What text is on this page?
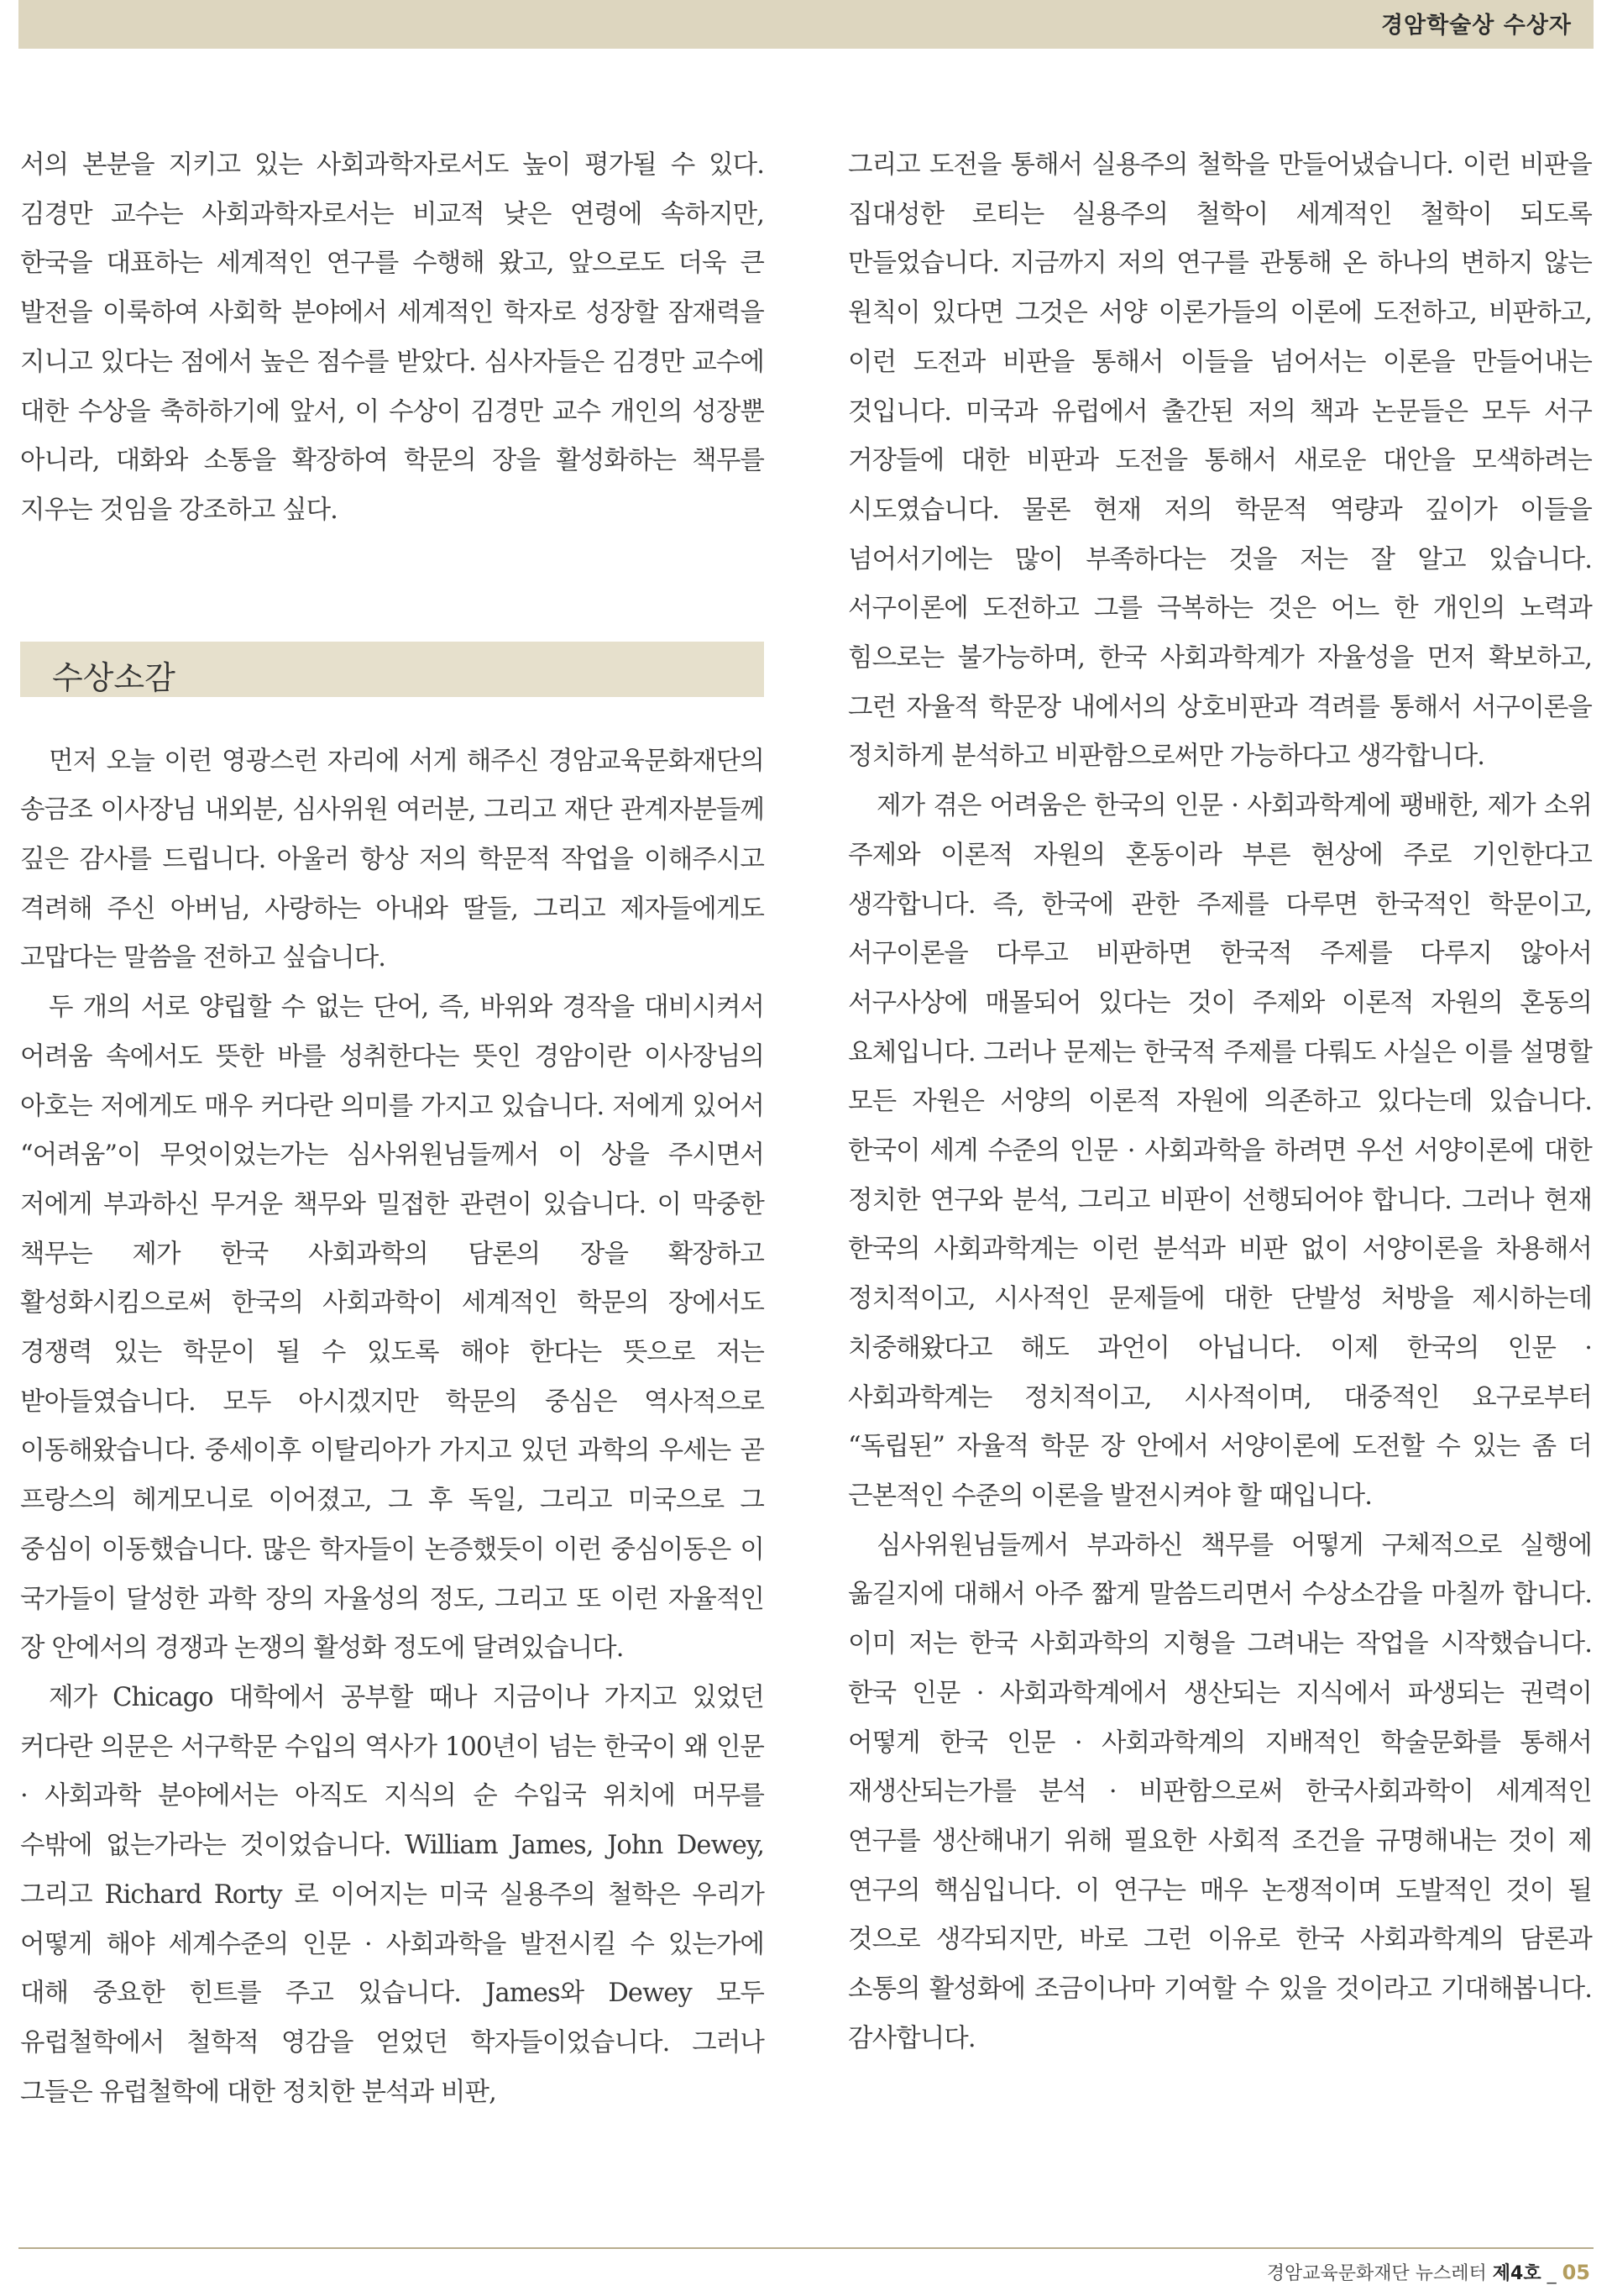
경암학술상 수상자

서의 본분을 지키고 있는 사회과학자로서도 높이 평가될 수 있다. 김경만 교수는 사회과학자로서는 비교적 낮은 연령에 속하지만, 한국을 대표하는 세계적인 연구를 수행해 왔고, 앞으로도 더욱 큰 발전을 이룩하여 사회학 분야에서 세계적인 학자로 성장할 잠재력을 지니고 있다는 점에서 높은 점수를 받았다. 심사자들은 김경만 교수에 대한 수상을 축하하기에 앞서, 이 수상이 김경만 교수 개인의 성장뿐 아니라, 대화와 소통을 확장하여 학문의 장을 활성화하는 책무를 지우는 것임을 강조하고 싶다.

수상소감

먼저 오늘 이런 영광스런 자리에 서게 해주신 경암교육문화재단의 송금조 이사장님 내외분, 심사위원 여러분, 그리고 재단 관계자분들께 깊은 감사를 드립니다. 아울러 항상 저의 학문적 작업을 이해주시고 격려해 주신 아버님, 사랑하는 아내와 딸들, 그리고 제자들에게도 고맙다는 말씀을 전하고 싶습니다.

두 개의 서로 양립할 수 없는 단어, 즉, 바위와 경작을 대비시켜서 어려움 속에서도 뜻한 바를 성취한다는 뜻인 경암이란 이사장님의 아호는 저에게도 매우 커다란 의미를 가지고 있습니다. 저에게 있어서 “어려움”이 무엇이었는가는 심사위원님들께서 이 상을 주시면서 저에게 부과하신 무거운 책무와 밀접한 관련이 있습니다. 이 막중한 책무는 제가 한국 사회과학의 담론의 장을 확장하고 활성화시킴으로써 한국의 사회과학이 세계적인 학문의 장에서도 경쟁력 있는 학문이 될 수 있도록 해야 한다는 뜻으로 저는 받아들였습니다. 모두 아시겠지만 학문의 중심은 역사적으로 이동해왔습니다. 중세이후 이탈리아가 가지고 있던 과학의 우세는 곧 프랑스의 헤게모니로 이어졌고, 그 후 독일, 그리고 미국으로 그 중심이 이동했습니다. 많은 학자들이 논증했듯이 이런 중심이동은 이 국가들이 달성한 과학 장의 자율성의 정도, 그리고 또 이런 자율적인 장 안에서의 경쟁과 논쟁의 활성화 정도에 달려있습니다.

제가 Chicago 대학에서 공부할 때나 지금이나 가지고 있었던 커다란 의문은 서구학문 수입의 역사가 100년이 넘는 한국이 왜 인문 · 사회과학 분야에서는 아직도 지식의 순 수입국 위치에 머무를 수밖에 없는가라는 것이었습니다. William James, John Dewey, 그리고 Richard Rorty 로 이어지는 미국 실용주의 철학은 우리가 어떻게 해야 세계수준의 인문 · 사회과학을 발전시킬 수 있는가에 대해 중요한 힌트를 주고 있습니다. James와 Dewey 모두 유럽철학에서 철학적 영감을 얻었던 학자들이었습니다. 그러나 그들은 유럽철학에 대한 정치한 분석과 비판,

그리고 도전을 통해서 실용주의 철학을 만들어냈습니다. 이런 비판을 집대성한 로티는 실용주의 철학이 세계적인 철학이 되도록 만들었습니다. 지금까지 저의 연구를 관통해 온 하나의 변하지 않는 원칙이 있다면 그것은 서양 이론가들의 이론에 도전하고, 비판하고, 이런 도전과 비판을 통해서 이들을 넘어서는 이론을 만들어내는 것입니다. 미국과 유럽에서 출간된 저의 책과 논문들은 모두 서구 거장들에 대한 비판과 도전을 통해서 새로운 대안을 모색하려는 시도였습니다. 물론 현재 저의 학문적 역량과 깊이가 이들을 넘어서기에는 많이 부족하다는 것을 저는 잘 알고 있습니다. 서구이론에 도전하고 그를 극복하는 것은 어느 한 개인의 노력과 힘으로는 불가능하며, 한국 사회과학계가 자율성을 먼저 확보하고, 그런 자율적 학문장 내에서의 상호비판과 격려를 통해서 서구이론을 정치하게 분석하고 비판함으로써만 가능하다고 생각합니다.

제가 겪은 어려움은 한국의 인문 · 사회과학계에 팽배한, 제가 소위 주제와 이론적 자원의 혼동이라 부른 현상에 주로 기인한다고 생각합니다. 즉, 한국에 관한 주제를 다루면 한국적인 학문이고, 서구이론을 다루고 비판하면 한국적 주제를 다루지 않아서 서구사상에 매몰되어 있다는 것이 주제와 이론적 자원의 혼동의 요체입니다. 그러나 문제는 한국적 주제를 다뤄도 사실은 이를 설명할 모든 자원은 서양의 이론적 자원에 의존하고 있다는데 있습니다. 한국이 세계 수준의 인문 · 사회과학을 하려면 우선 서양이론에 대한 정치한 연구와 분석, 그리고 비판이 선행되어야 합니다. 그러나 현재 한국의 사회과학계는 이런 분석과 비판 없이 서양이론을 차용해서 정치적이고, 시사적인 문제들에 대한 단발성 처방을 제시하는데 치중해왔다고 해도 과언이 아닙니다. 이제 한국의 인문 · 사회과학계는 정치적이고, 시사적이며, 대중적인 요구로부터 “독립된” 자율적 학문 장 안에서 서양이론에 도전할 수 있는 좀 더 근본적인 수준의 이론을 발전시켜야 할 때입니다.

심사위원님들께서 부과하신 책무를 어떻게 구체적으로 실행에 옮길지에 대해서 아주 짧게 말씀드리면서 수상소감을 마칠까 합니다. 이미 저는 한국 사회과학의 지형을 그려내는 작업을 시작했습니다. 한국 인문 · 사회과학계에서 생산되는 지식에서 파생되는 권력이 어떻게 한국 인문 · 사회과학계의 지배적인 학술문화를 통해서 재생산되는가를 분석 · 비판함으로써 한국사회과학이 세계적인 연구를 생산해내기 위해 필요한 사회적 조건을 규명해내는 것이 제 연구의 핵심입니다. 이 연구는 매우 논쟁적이며 도발적인 것이 될 것으로 생각되지만, 바로 그런 이유로 한국 사회과학계의 담론과 소통의 활성화에 조금이나마 기여할 수 있을 것이라고 기대해봅니다. 감사합니다.

경암교육문화재단 뉴스레터 제4호 _ 05
